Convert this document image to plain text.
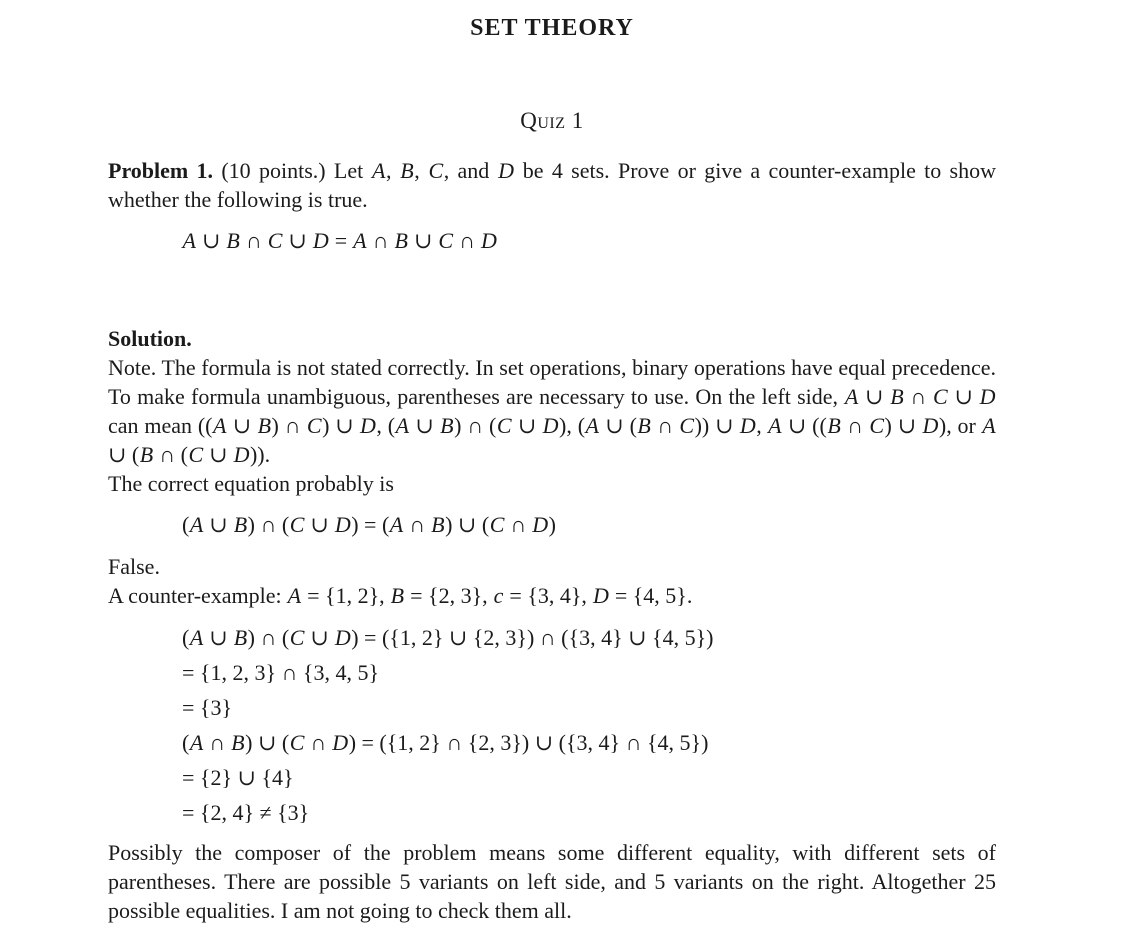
SET THEORY
Quiz 1
Problem 1. (10 points.) Let A, B, C, and D be 4 sets. Prove or give a counter-example to show whether the following is true.
A ∪ B ∩ C ∪ D = A ∩ B ∪ C ∩ D
Solution.
Note. The formula is not stated correctly. In set operations, binary operations have equal precedence. To make formula unambiguous, parentheses are necessary to use. On the left side, A ∪ B ∩ C ∪ D can mean ((A ∪ B) ∩ C) ∪ D, (A ∪ B) ∩ (C ∪ D), (A ∪ (B ∩ C)) ∪ D, A ∪ ((B ∩ C) ∪ D), or A ∪ (B ∩ (C ∪ D)).
The correct equation probably is
(A ∪ B) ∩ (C ∪ D) = (A ∩ B) ∪ (C ∩ D)
False.
A counter-example: A = {1, 2}, B = {2, 3}, c = {3, 4}, D = {4, 5}.
(A ∪ B) ∩ (C ∪ D) = ({1, 2} ∪ {2, 3}) ∩ ({3, 4} ∪ {4, 5})
= {1, 2, 3} ∩ {3, 4, 5}
= {3}
(A ∩ B) ∪ (C ∩ D) = ({1, 2} ∩ {2, 3}) ∪ ({3, 4} ∩ {4, 5})
= {2} ∪ {4}
= {2, 4} ≠ {3}
Possibly the composer of the problem means some different equality, with different sets of parentheses. There are possible 5 variants on left side, and 5 variants on the right. Altogether 25 possible equalities. I am not going to check them all.
